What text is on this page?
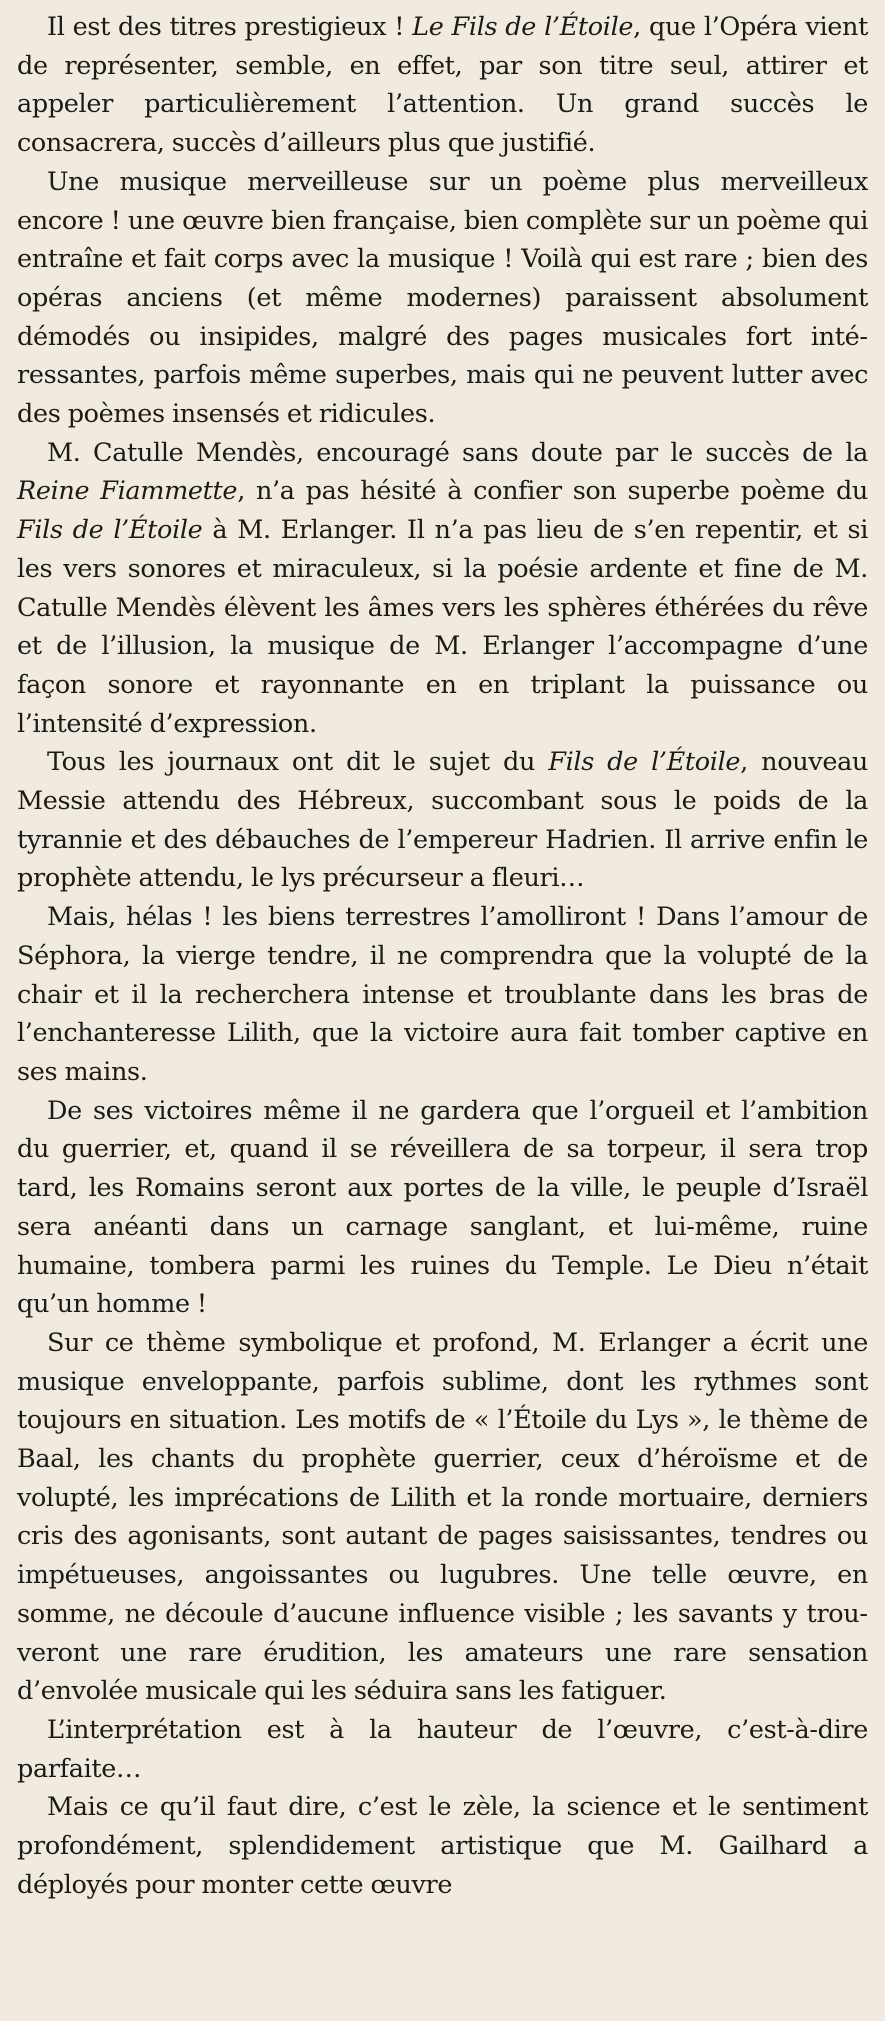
Il est des titres prestigieux ! Le Fils de l’Étoile, que l’Opéra vient de représenter, semble, en effet, par son titre seul, attirer et appeler particulièrement l’attention. Un grand succès le consacrera, succès d’ailleurs plus que justifié.

Une musique merveilleuse sur un poème plus merveilleux encore ! une œuvre bien française, bien complète sur un poème qui entraîne et fait corps avec la musique ! Voilà qui est rare ; bien des opéras anciens (et même modernes) paraissent absolument démodés ou insipides, malgré des pages musicales fort intéressantes, parfois même superbes, mais qui ne peuvent lutter avec des poèmes insensés et ridicules.

M. Catulle Mendès, encouragé sans doute par le succès de la Reine Fiammette, n’a pas hésité à confier son superbe poème du Fils de l’Étoile à M. Erlanger. Il n’a pas lieu de s’en repentir, et si les vers sonores et miraculeux, si la poésie ardente et fine de M. Catulle Mendès élèvent les âmes vers les sphères éthérées du rêve et de l’illusion, la musique de M. Erlanger l’accompagne d’une façon sonore et rayonnante en en triplant la puissance ou l’intensité d’expression.

Tous les journaux ont dit le sujet du Fils de l’Étoile, nouveau Messie attendu des Hébreux, succombant sous le poids de la tyrannie et des débauches de l’empereur Hadrien. Il arrive enfin le prophète attendu, le lys précurseur a fleuri…

Mais, hélas ! les biens terrestres l’amolliront ! Dans l’amour de Séphora, la vierge tendre, il ne comprendra que la volupté de la chair et il la recherchera intense et troublante dans les bras de l’enchanteresse Lilith, que la victoire aura fait tomber captive en ses mains.

De ses victoires même il ne gardera que l’orgueil et l’ambition du guerrier, et, quand il se réveillera de sa torpeur, il sera trop tard, les Romains seront aux portes de la ville, le peuple d’Israël sera anéanti dans un carnage sanglant, et lui-même, ruine humaine, tombera parmi les ruines du Temple. Le Dieu n’était qu’un homme !

Sur ce thème symbolique et profond, M. Erlanger a écrit une musique enveloppante, parfois sublime, dont les rythmes sont toujours en situation. Les motifs de « l’Étoile du Lys », le thème de Baal, les chants du prophète guerrier, ceux d’héroïsme et de volupté, les imprécations de Lilith et la ronde mortuaire, derniers cris des agonisants, sont autant de pages saisissantes, tendres ou impétueuses, angoissantes ou lugubres. Une telle œuvre, en somme, ne découle d’aucune influence visible ; les savants y trouveront une rare érudition, les amateurs une rare sensation d’envolée musicale qui les séduira sans les fatiguer.

L’interprétation est à la hauteur de l’œuvre, c’est-à-dire parfaite…

Mais ce qu’il faut dire, c’est le zèle, la science et le sentiment profondément, splendidement artistique que M. Gailhard a déployés pour monter cette œuvre
